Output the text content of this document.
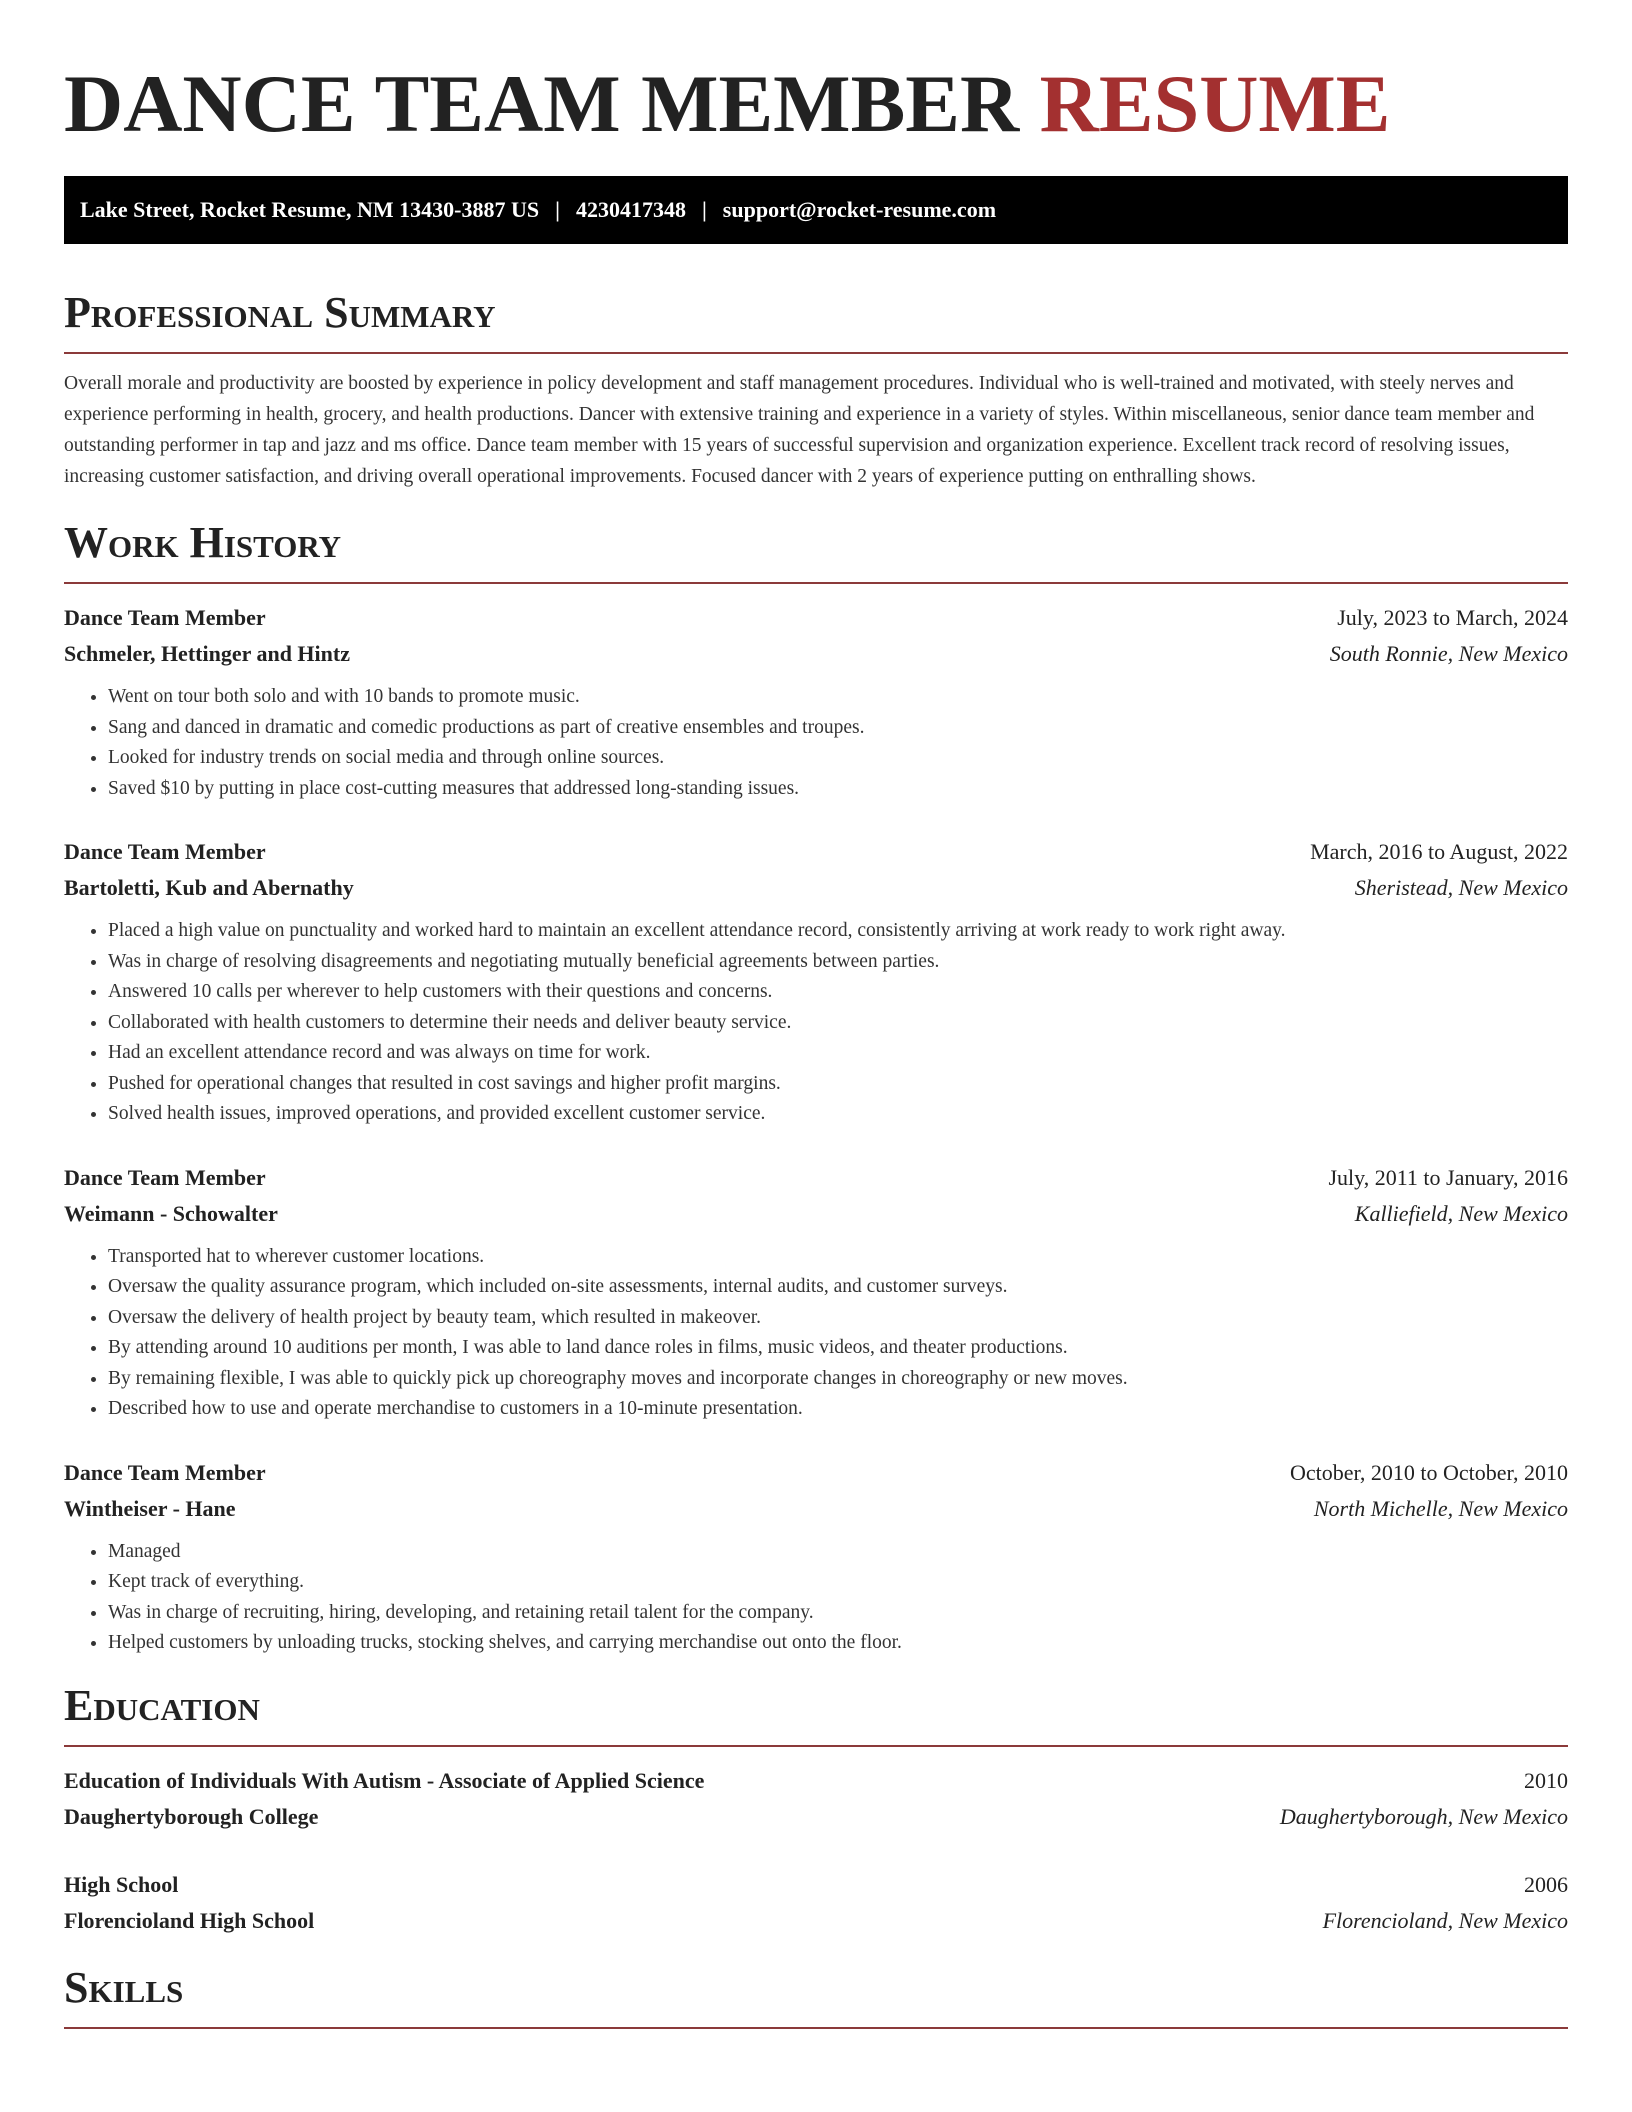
DANCE TEAM MEMBER RESUME
Lake Street, Rocket Resume, NM 13430-3887 US | 4230417348 | support@rocket-resume.com
Professional Summary

Overall morale and productivity are boosted by experience in policy development and staff management procedures. Individual who is well-trained and motivated, with steely nerves and experience performing in health, grocery, and health productions. Dancer with extensive training and experience in a variety of styles. Within miscellaneous, senior dance team member and outstanding performer in tap and jazz and ms office. Dance team member with 15 years of successful supervision and organization experience. Excellent track record of resolving issues, increasing customer satisfaction, and driving overall operational improvements. Focused dancer with 2 years of experience putting on enthralling shows.

Work History
Dance Team Member	July, 2023 to March, 2024
Schmeler, Hettinger and Hintz	South Ronnie, New Mexico
• Went on tour both solo and with 10 bands to promote music.
• Sang and danced in dramatic and comedic productions as part of creative ensembles and troupes.
• Looked for industry trends on social media and through online sources.
• Saved $10 by putting in place cost-cutting measures that addressed long-standing issues.
Dance Team Member	March, 2016 to August, 2022
Bartoletti, Kub and Abernathy	Sheristead, New Mexico
• Placed a high value on punctuality and worked hard to maintain an excellent attendance record, consistently arriving at work ready to work right away.
• Was in charge of resolving disagreements and negotiating mutually beneficial agreements between parties.
• Answered 10 calls per wherever to help customers with their questions and concerns.
• Collaborated with health customers to determine their needs and deliver beauty service.
• Had an excellent attendance record and was always on time for work.
• Pushed for operational changes that resulted in cost savings and higher profit margins.
• Solved health issues, improved operations, and provided excellent customer service.
Dance Team Member	July, 2011 to January, 2016
Weimann - Schowalter	Kalliefield, New Mexico
• Transported hat to wherever customer locations.
• Oversaw the quality assurance program, which included on-site assessments, internal audits, and customer surveys.
• Oversaw the delivery of health project by beauty team, which resulted in makeover.
• By attending around 10 auditions per month, I was able to land dance roles in films, music videos, and theater productions.
• By remaining flexible, I was able to quickly pick up choreography moves and incorporate changes in choreography or new moves.
• Described how to use and operate merchandise to customers in a 10-minute presentation.
Dance Team Member	October, 2010 to October, 2010
Wintheiser - Hane	North Michelle, New Mexico
• Managed
• Kept track of everything.
• Was in charge of recruiting, hiring, developing, and retaining retail talent for the company.
• Helped customers by unloading trucks, stocking shelves, and carrying merchandise out onto the floor.
Education
Education of Individuals With Autism - Associate of Applied Science	2010
Daughertyborough College	Daughertyborough, New Mexico
High School	2006
Florencioland High School	Florencioland, New Mexico
Skills
